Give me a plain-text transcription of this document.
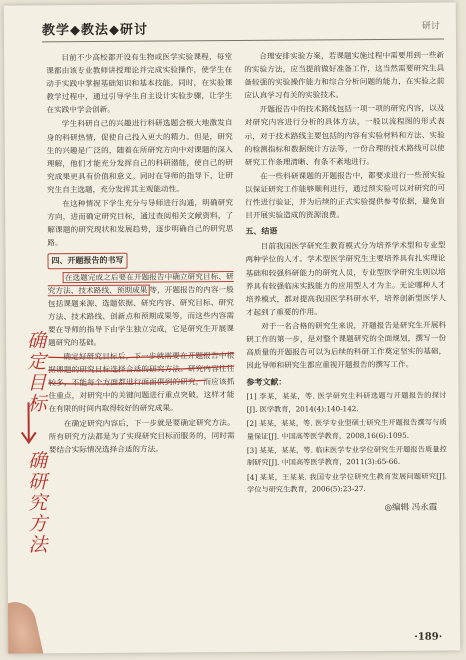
教学◆教法◆研讨	研讨

目前不少高校都开设有生物或医学实验课程，每堂课都由该专业教师讲授理论并完成实验操作，使学生在动手实践中掌握基础知识和基本技能。同时，在实验课教学过程中，通过引导学生自主设计实验步骤，让学生在实践中学会创新。

学生科研自己的兴趣进行科研选题会极大地激发自身的科研热情，促使自己投入更大的精力。但是，研究生的兴趣是广泛的，随着在所研究方向中对课题的深入理解，他们才能充分发挥自己的科研潜能，使自己的研究成果更具有价值和意义。同时在导师的指导下，让研究生自主选题，充分发挥其主观能动性。

在这种情况下学生充分与导师进行沟通，明确研究方向，进而确定研究目标，通过查阅相关文献资料，了解课题的研究现状和发展趋势，逐步明确自己的研究思路。

四、开题报告的书写

在选题完成之后要在开题报告中确立研究目标、研究方法、技术路线、预期成果 等，开题报告的内容一般包括课题来源、选题依据、研究内容、研究目标、研究方法、技术路线、创新点和预期成果等，而这些内容需要在导师的指导下由学生独立完成，它是研究生开展课题研究的基础。

确定好研究目标后，下一步就需要在开题报告中根据课题的研究目标选择合适的研究方法。研究内容往往较多，不能每个方面都进行面面俱到的研究，而应该抓住重点，对研究中的关键问题进行重点突破，这样才能在有限的时间内取得较好的研究成果。

在确定研究内容后，下一步就是要确定研究方法。所有研究方法都是为了实现研究目标而服务的，同时需要结合实际情况选择合适的方法。

合理安排实验方案，若课题实施过程中需要用到一些新的实验方法，应当提前做好准备工作，这当然需要研究生具备较强的实验操作能力和综合分析问题的能力，在实验之前应认真学习有关的实验技术。

开题报告中的技术路线包括一项一项的研究内容，以及对研究内容进行分析的具体方法，一般以流程图的形式表示，对于技术路线主要包括的内容有实验材料和方法、实验的检测指标和数据统计方法等，一份合理的技术路线可以使研究工作条理清晰、有条不紊地进行。

在一些科研课题的开题报告中，都要求进行一些预实验以保证研究工作能够顺利进行，通过预实验可以对研究的可行性进行验证，并为后续的正式实验提供参考依据，避免盲目开展实验造成的资源浪费。

五、结语

目前我国医学研究生教育模式分为培养学术型和专业型两种学位的人才。学术型医学研究生主要培养具有扎实理论基础和较强科研能力的研究人员，专业型医学研究生则以培养具有较强临床实践能力的应用型人才为主。无论哪种人才培养模式，都对提高我国医学科研水平，培养创新型医学人才起到了重要的作用。

对于一名合格的研究生来说，开题报告是研究生开展科研工作的第一步，是对整个课题研究的全面规划，撰写一份高质量的开题报告可以为后续的科研工作奠定坚实的基础，因此导师和研究生都应重视开题报告的撰写工作。

参考文献：
[1] 李某，某某，等. 医学研究生科研选题与开题报告的探讨[J]. 医学教育，2014(4):140-142.
[2] 某某，某某，等. 医学专业型硕士研究生开题报告撰写与质量保证[J]. 中国高等医学教育，2008,16(6):1095.
[3] 某某，某某，等. 临床医学专业学位研究生开题报告质量控制研究[J]. 中国高等医学教育，2011(3):65-66.
[4] 某某，王某某. 我国专业学位研究生教育发展问题研究[J]. 学位与研究生教育，2006(5):23-27.
◎编辑 冯永霞
·189·
确定目标
确研究方法
